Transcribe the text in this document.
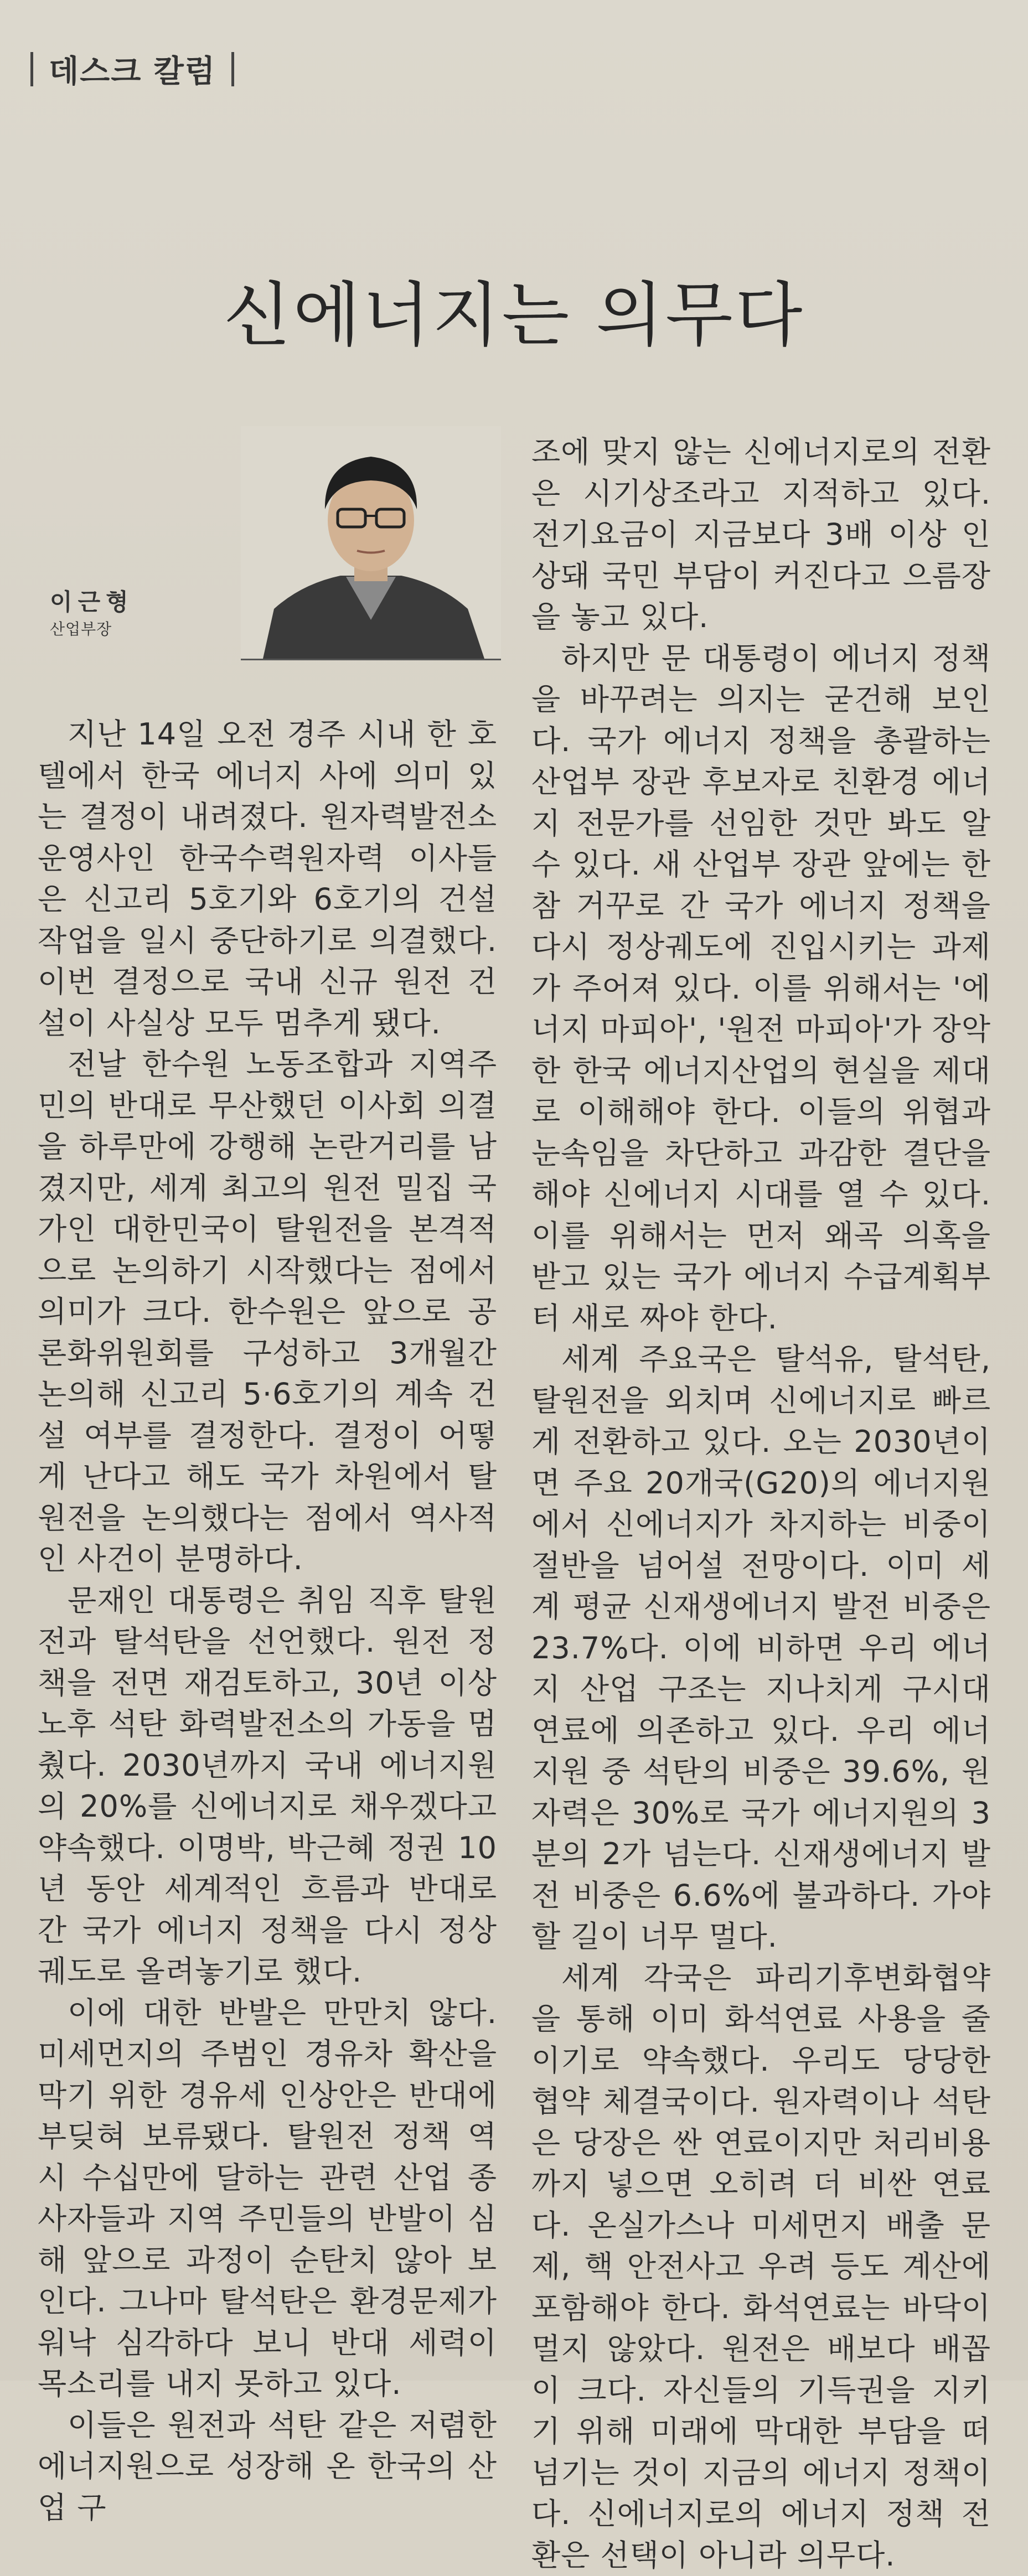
데스크 칼럼
신에너지는 의무다
이근형
산업부장

지난 14일 오전 경주 시내 한 호텔에서 한국 에너지 사에 의미 있는 결정이 내려졌다. 원자력발전소 운영사인 한국수력원자력 이사들은 신고리 5호기와 6호기의 건설 작업을 일시 중단하기로 의결했다. 이번 결정으로 국내 신규 원전 건설이 사실상 모두 멈추게 됐다.

전날 한수원 노동조합과 지역주민의 반대로 무산했던 이사회 의결을 하루만에 강행해 논란거리를 남겼지만, 세계 최고의 원전 밀집 국가인 대한민국이 탈원전을 본격적으로 논의하기 시작했다는 점에서 의미가 크다. 한수원은 앞으로 공론화위원회를 구성하고 3개월간 논의해 신고리 5·6호기의 계속 건설 여부를 결정한다. 결정이 어떻게 난다고 해도 국가 차원에서 탈원전을 논의했다는 점에서 역사적인 사건이 분명하다.

문재인 대통령은 취임 직후 탈원전과 탈석탄을 선언했다. 원전 정책을 전면 재검토하고, 30년 이상 노후 석탄 화력발전소의 가동을 멈췄다. 2030년까지 국내 에너지원의 20%를 신에너지로 채우겠다고 약속했다. 이명박, 박근혜 정권 10년 동안 세계적인 흐름과 반대로 간 국가 에너지 정책을 다시 정상궤도로 올려놓기로 했다.

이에 대한 반발은 만만치 않다. 미세먼지의 주범인 경유차 확산을 막기 위한 경유세 인상안은 반대에 부딪혀 보류됐다. 탈원전 정책 역시 수십만에 달하는 관련 산업 종사자들과 지역 주민들의 반발이 심해 앞으로 과정이 순탄치 않아 보인다. 그나마 탈석탄은 환경문제가 워낙 심각하다 보니 반대 세력이 목소리를 내지 못하고 있다.

이들은 원전과 석탄 같은 저렴한 에너지원으로 성장해 온 한국의 산업 구

조에 맞지 않는 신에너지로의 전환은 시기상조라고 지적하고 있다. 전기요금이 지금보다 3배 이상 인상돼 국민 부담이 커진다고 으름장을 놓고 있다.

하지만 문 대통령이 에너지 정책을 바꾸려는 의지는 굳건해 보인다. 국가 에너지 정책을 총괄하는 산업부 장관 후보자로 친환경 에너지 전문가를 선임한 것만 봐도 알 수 있다. 새 산업부 장관 앞에는 한참 거꾸로 간 국가 에너지 정책을 다시 정상궤도에 진입시키는 과제가 주어져 있다. 이를 위해서는 '에너지 마피아', '원전 마피아'가 장악한 한국 에너지산업의 현실을 제대로 이해해야 한다. 이들의 위협과 눈속임을 차단하고 과감한 결단을 해야 신에너지 시대를 열 수 있다. 이를 위해서는 먼저 왜곡 의혹을 받고 있는 국가 에너지 수급계획부터 새로 짜야 한다.

세계 주요국은 탈석유, 탈석탄, 탈원전을 외치며 신에너지로 빠르게 전환하고 있다. 오는 2030년이면 주요 20개국(G20)의 에너지원에서 신에너지가 차지하는 비중이 절반을 넘어설 전망이다. 이미 세계 평균 신재생에너지 발전 비중은 23.7%다. 이에 비하면 우리 에너지 산업 구조는 지나치게 구시대 연료에 의존하고 있다. 우리 에너지원 중 석탄의 비중은 39.6%, 원자력은 30%로 국가 에너지원의 3분의 2가 넘는다. 신재생에너지 발전 비중은 6.6%에 불과하다. 가야 할 길이 너무 멀다.

세계 각국은 파리기후변화협약을 통해 이미 화석연료 사용을 줄이기로 약속했다. 우리도 당당한 협약 체결국이다. 원자력이나 석탄은 당장은 싼 연료이지만 처리비용까지 넣으면 오히려 더 비싼 연료다. 온실가스나 미세먼지 배출 문제, 핵 안전사고 우려 등도 계산에 포함해야 한다. 화석연료는 바닥이 멀지 않았다. 원전은 배보다 배꼽이 크다. 자신들의 기득권을 지키기 위해 미래에 막대한 부담을 떠넘기는 것이 지금의 에너지 정책이다. 신에너지로의 에너지 정책 전환은 선택이 아니라 의무다.
